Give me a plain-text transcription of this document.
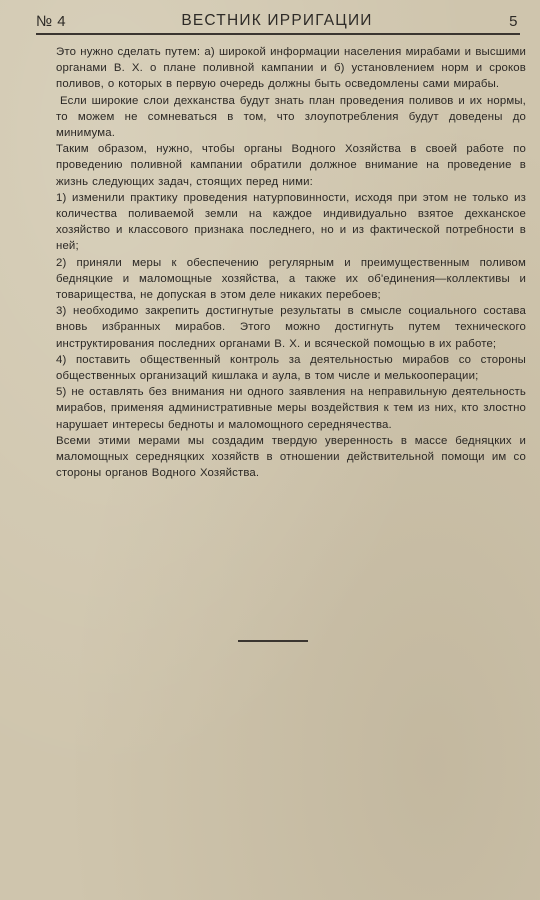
№ 4	ВЕСТНИК ИРРИГАЦИИ	5

Это нужно сделать путем: а) широкой информации населения мирабами и высшими органами В. Х. о плане поливной кампании и б) установлением норм и сроков поливов, о которых в первую очередь должны быть осведомлены сами мирабы.

Если широкие слои дехканства будут знать план проведения поливов и их нормы, то можем не сомневаться в том, что злоупотребления будут доведены до минимума.

Таким образом, нужно, чтобы органы Водного Хозяйства в своей работе по проведению поливной кампании обратили должное внимание на проведение в жизнь следующих задач, стоящих перед ними:

1) изменили практику проведения натурповинности, исходя при этом не только из количества поливаемой земли на каждое индивидуально взятое дехканское хозяйство и классового признака последнего, но и из фактической потребности в ней;

2) приняли меры к обеспечению регулярным и преимущественным поливом бедняцкие и маломощные хозяйства, а также их об'единения—коллективы и товарищества, не допуская в этом деле никаких перебоев;

3) необходимо закрепить достигнутые результаты в смысле социального состава вновь избранных мирабов. Этого можно достигнуть путем технического инструктирования последних органами В. Х. и всяческой помощью в их работе;

4) поставить общественный контроль за деятельностью мирабов со стороны общественных организаций кишлака и аула, в том числе и мелькооперации;

5) не оставлять без внимания ни одного заявления на неправильную деятельность мирабов, применяя административные меры воздействия к тем из них, кто злостно нарушает интересы бедноты и маломощного середнячества.

Всеми этими мерами мы создадим твердую уверенность в массе бедняцких и маломощных середняцких хозяйств в отношении действительной помощи им со стороны органов Водного Хозяйства.
